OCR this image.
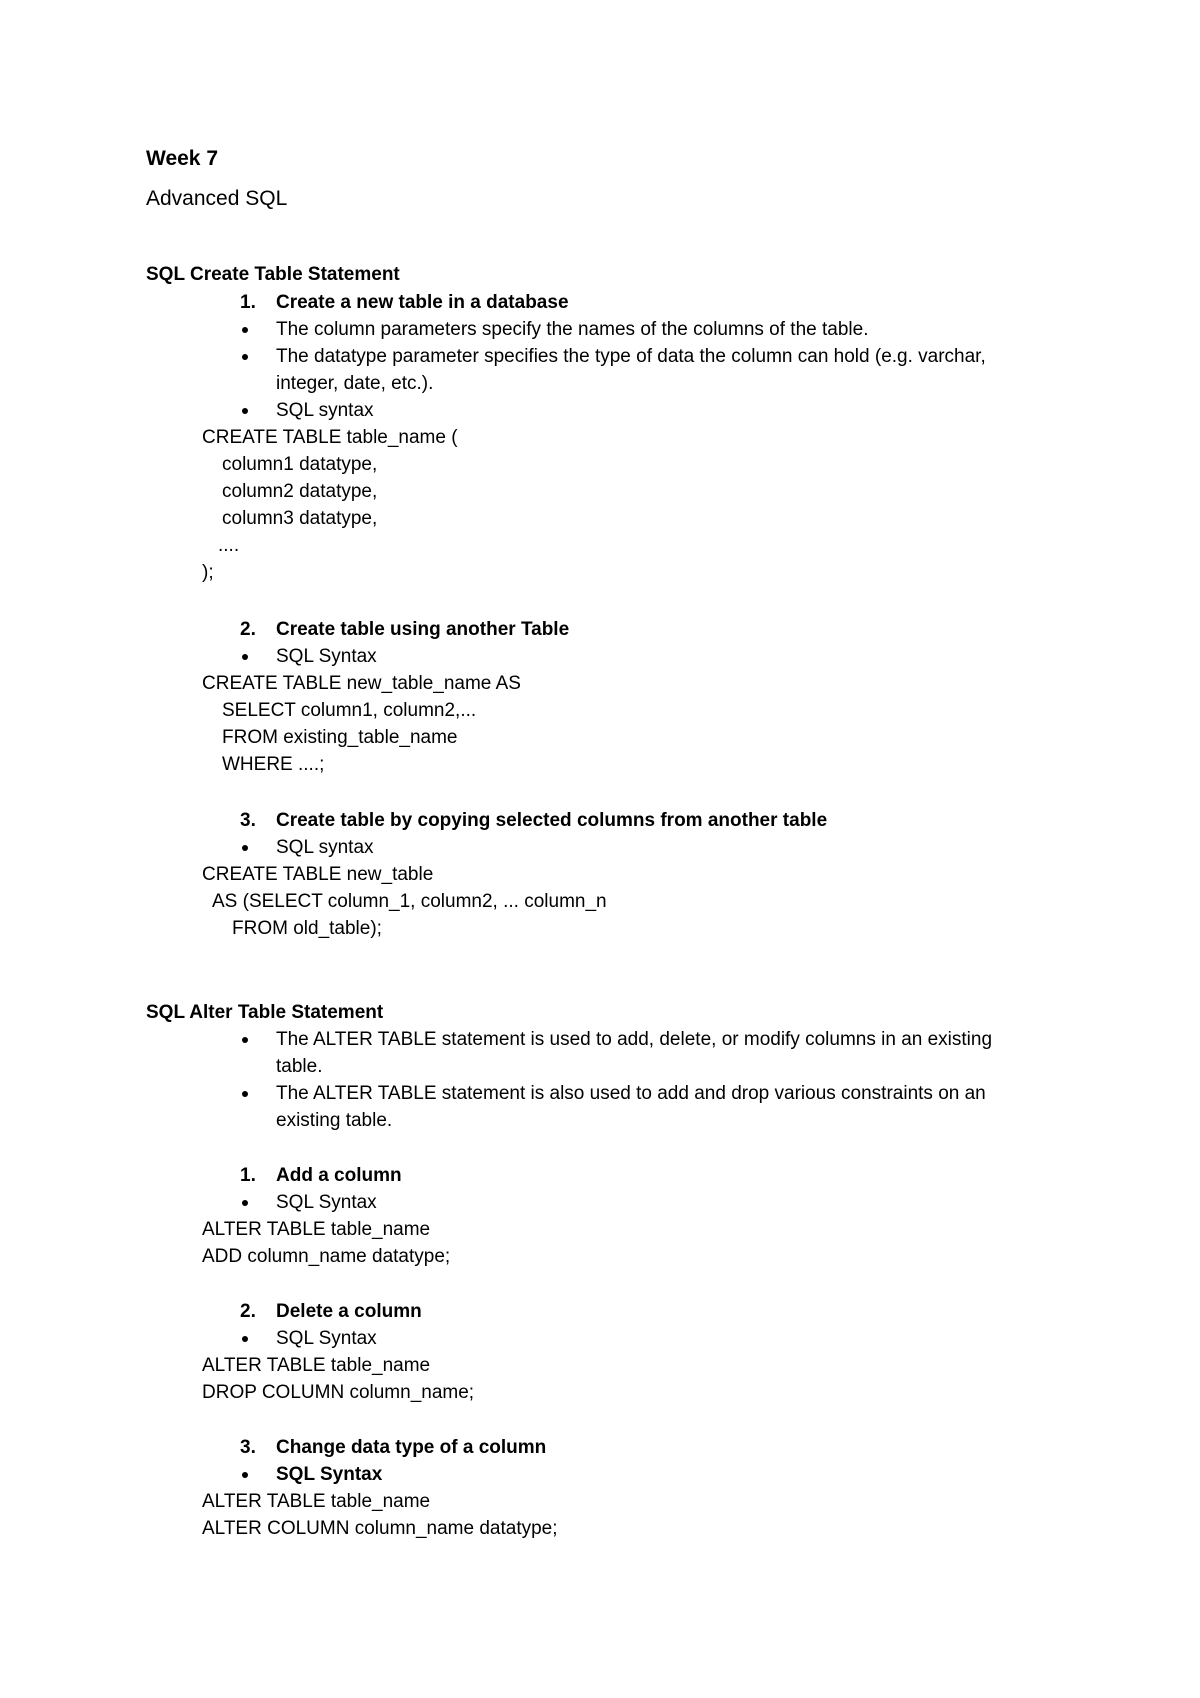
Week 7
Advanced SQL
SQL Create Table Statement
1. Create a new table in a database
The column parameters specify the names of the columns of the table.
The datatype parameter specifies the type of data the column can hold (e.g. varchar,
integer, date, etc.).
SQL syntax
CREATE TABLE table_name (
column1 datatype,
column2 datatype,
column3 datatype,
....
);
2. Create table using another Table
SQL Syntax
CREATE TABLE new_table_name AS
SELECT column1, column2,...
FROM existing_table_name
WHERE ....;
3. Create table by copying selected columns from another table
SQL syntax
CREATE TABLE new_table
AS (SELECT column_1, column2, ... column_n
FROM old_table);
SQL Alter Table Statement
The ALTER TABLE statement is used to add, delete, or modify columns in an existing
table.
The ALTER TABLE statement is also used to add and drop various constraints on an
existing table.
1. Add a column
SQL Syntax
ALTER TABLE table_name
ADD column_name datatype;
2. Delete a column
SQL Syntax
ALTER TABLE table_name
DROP COLUMN column_name;
3. Change data type of a column
SQL Syntax
ALTER TABLE table_name
ALTER COLUMN column_name datatype;
